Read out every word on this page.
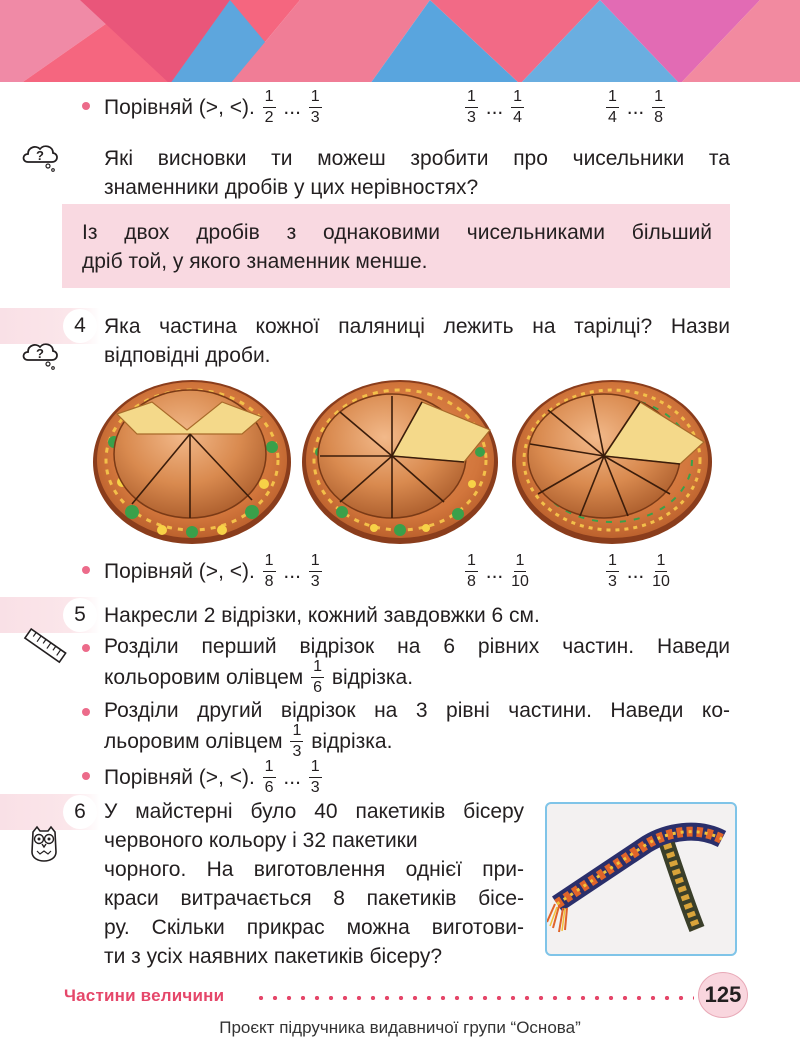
Порівняй (>, <). $\frac{1}{2}$ ... $\frac{1}{3}$	$\frac{1}{3}$ ... $\frac{1}{4}$	$\frac{1}{4}$ ... $\frac{1}{8}$
?	Які висновки ти можеш зробити про чисельники та
знаменники дробів у цих нерівностях?
Із двох дробів з однаковими чисельниками більший
дріб той, у якого знаменник менше.
4 Яка частина кожної паляниці лежить на тарілці? Назви
відповідні дроби.
?
Порівняй (>, <). $\frac{1}{8}$ ... $\frac{1}{3}$	$\frac{1}{8}$ ... $\frac{1}{10}$	$\frac{1}{3}$ ... $\frac{1}{10}$
5 Накресли 2 відрізки, кожний завдовжки 6 см.
Розділи перший відрізок на 6 рівних частин. Наведи
кольоровим олівцем $\frac{1}{6}$ відрізка.
Розділи другий відрізок на 3 рівні частини. Наведи ко-
льоровим олівцем $\frac{1}{3}$ відрізка.
Порівняй (>, <). $\frac{1}{6}$ ... $\frac{1}{3}$
6 У майстерні було 40 пакетиків бісеру
червоного кольору і 32 пакетики
чорного. На виготовлення однієї при-
краси витрачається 8 пакетиків бісе-
ру. Скільки прикрас можна виготови-
ти з усіх наявних пакетиків бісеру?
Частини величини	125
Проєкт підручника видавничої групи “Основа”
